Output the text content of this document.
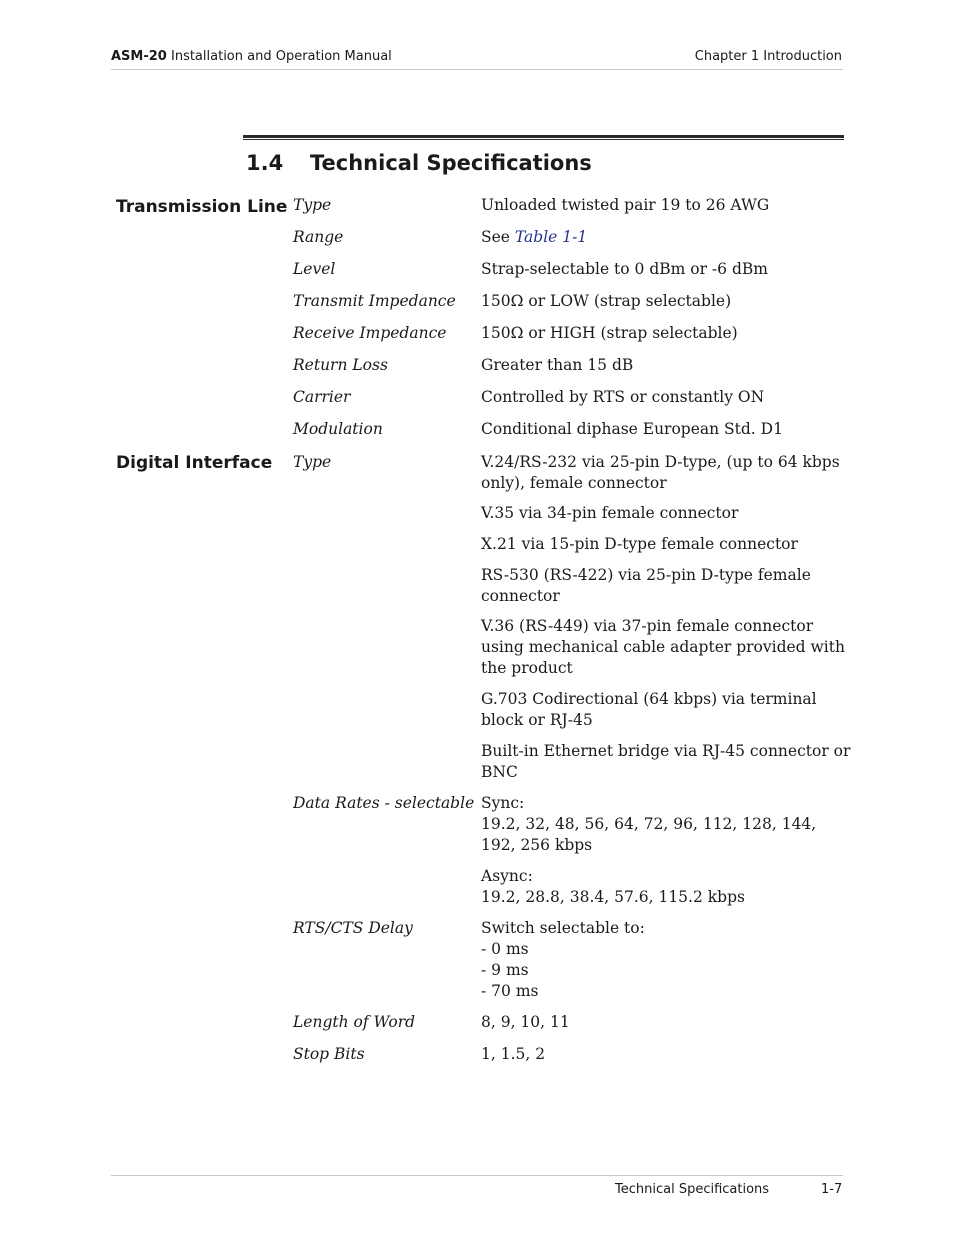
ASM-20 Installation and Operation Manual	Chapter 1 Introduction
1.4 Technical Specifications
Transmission Line Type	Unloaded twisted pair 19 to 26 AWG
Range	See Table 1-1
Level	Strap-selectable to 0 dBm or -6 dBm
Transmit Impedance 150Ω or LOW (strap selectable)
Receive Impedance 150Ω or HIGH (strap selectable)
Return Loss	Greater than 15 dB
Carrier	Controlled by RTS or constantly ON
Modulation	Conditional diphase European Std. D1
Digital Interface Type	V.24/RS-232 via 25-pin D-type, (up to 64 kbps only), female connector
V.35 via 34-pin female connector
X.21 via 15-pin D-type female connector
RS-530 (RS-422) via 25-pin D-type female connector
V.36 (RS-449) via 37-pin female connector using mechanical cable adapter provided with the product
G.703 Codirectional (64 kbps) via terminal block or RJ-45
Built-in Ethernet bridge via RJ-45 connector or BNC
Data Rates - selectable Sync:
19.2, 32, 48, 56, 64, 72, 96, 112, 128, 144, 192, 256 kbps
Async:
19.2, 28.8, 38.4, 57.6, 115.2 kbps
RTS/CTS Delay	Switch selectable to:
- 0 ms
- 9 ms
- 70 ms
Length of Word	8, 9, 10, 11
Stop Bits	1, 1.5, 2
Technical Specifications	1-7
